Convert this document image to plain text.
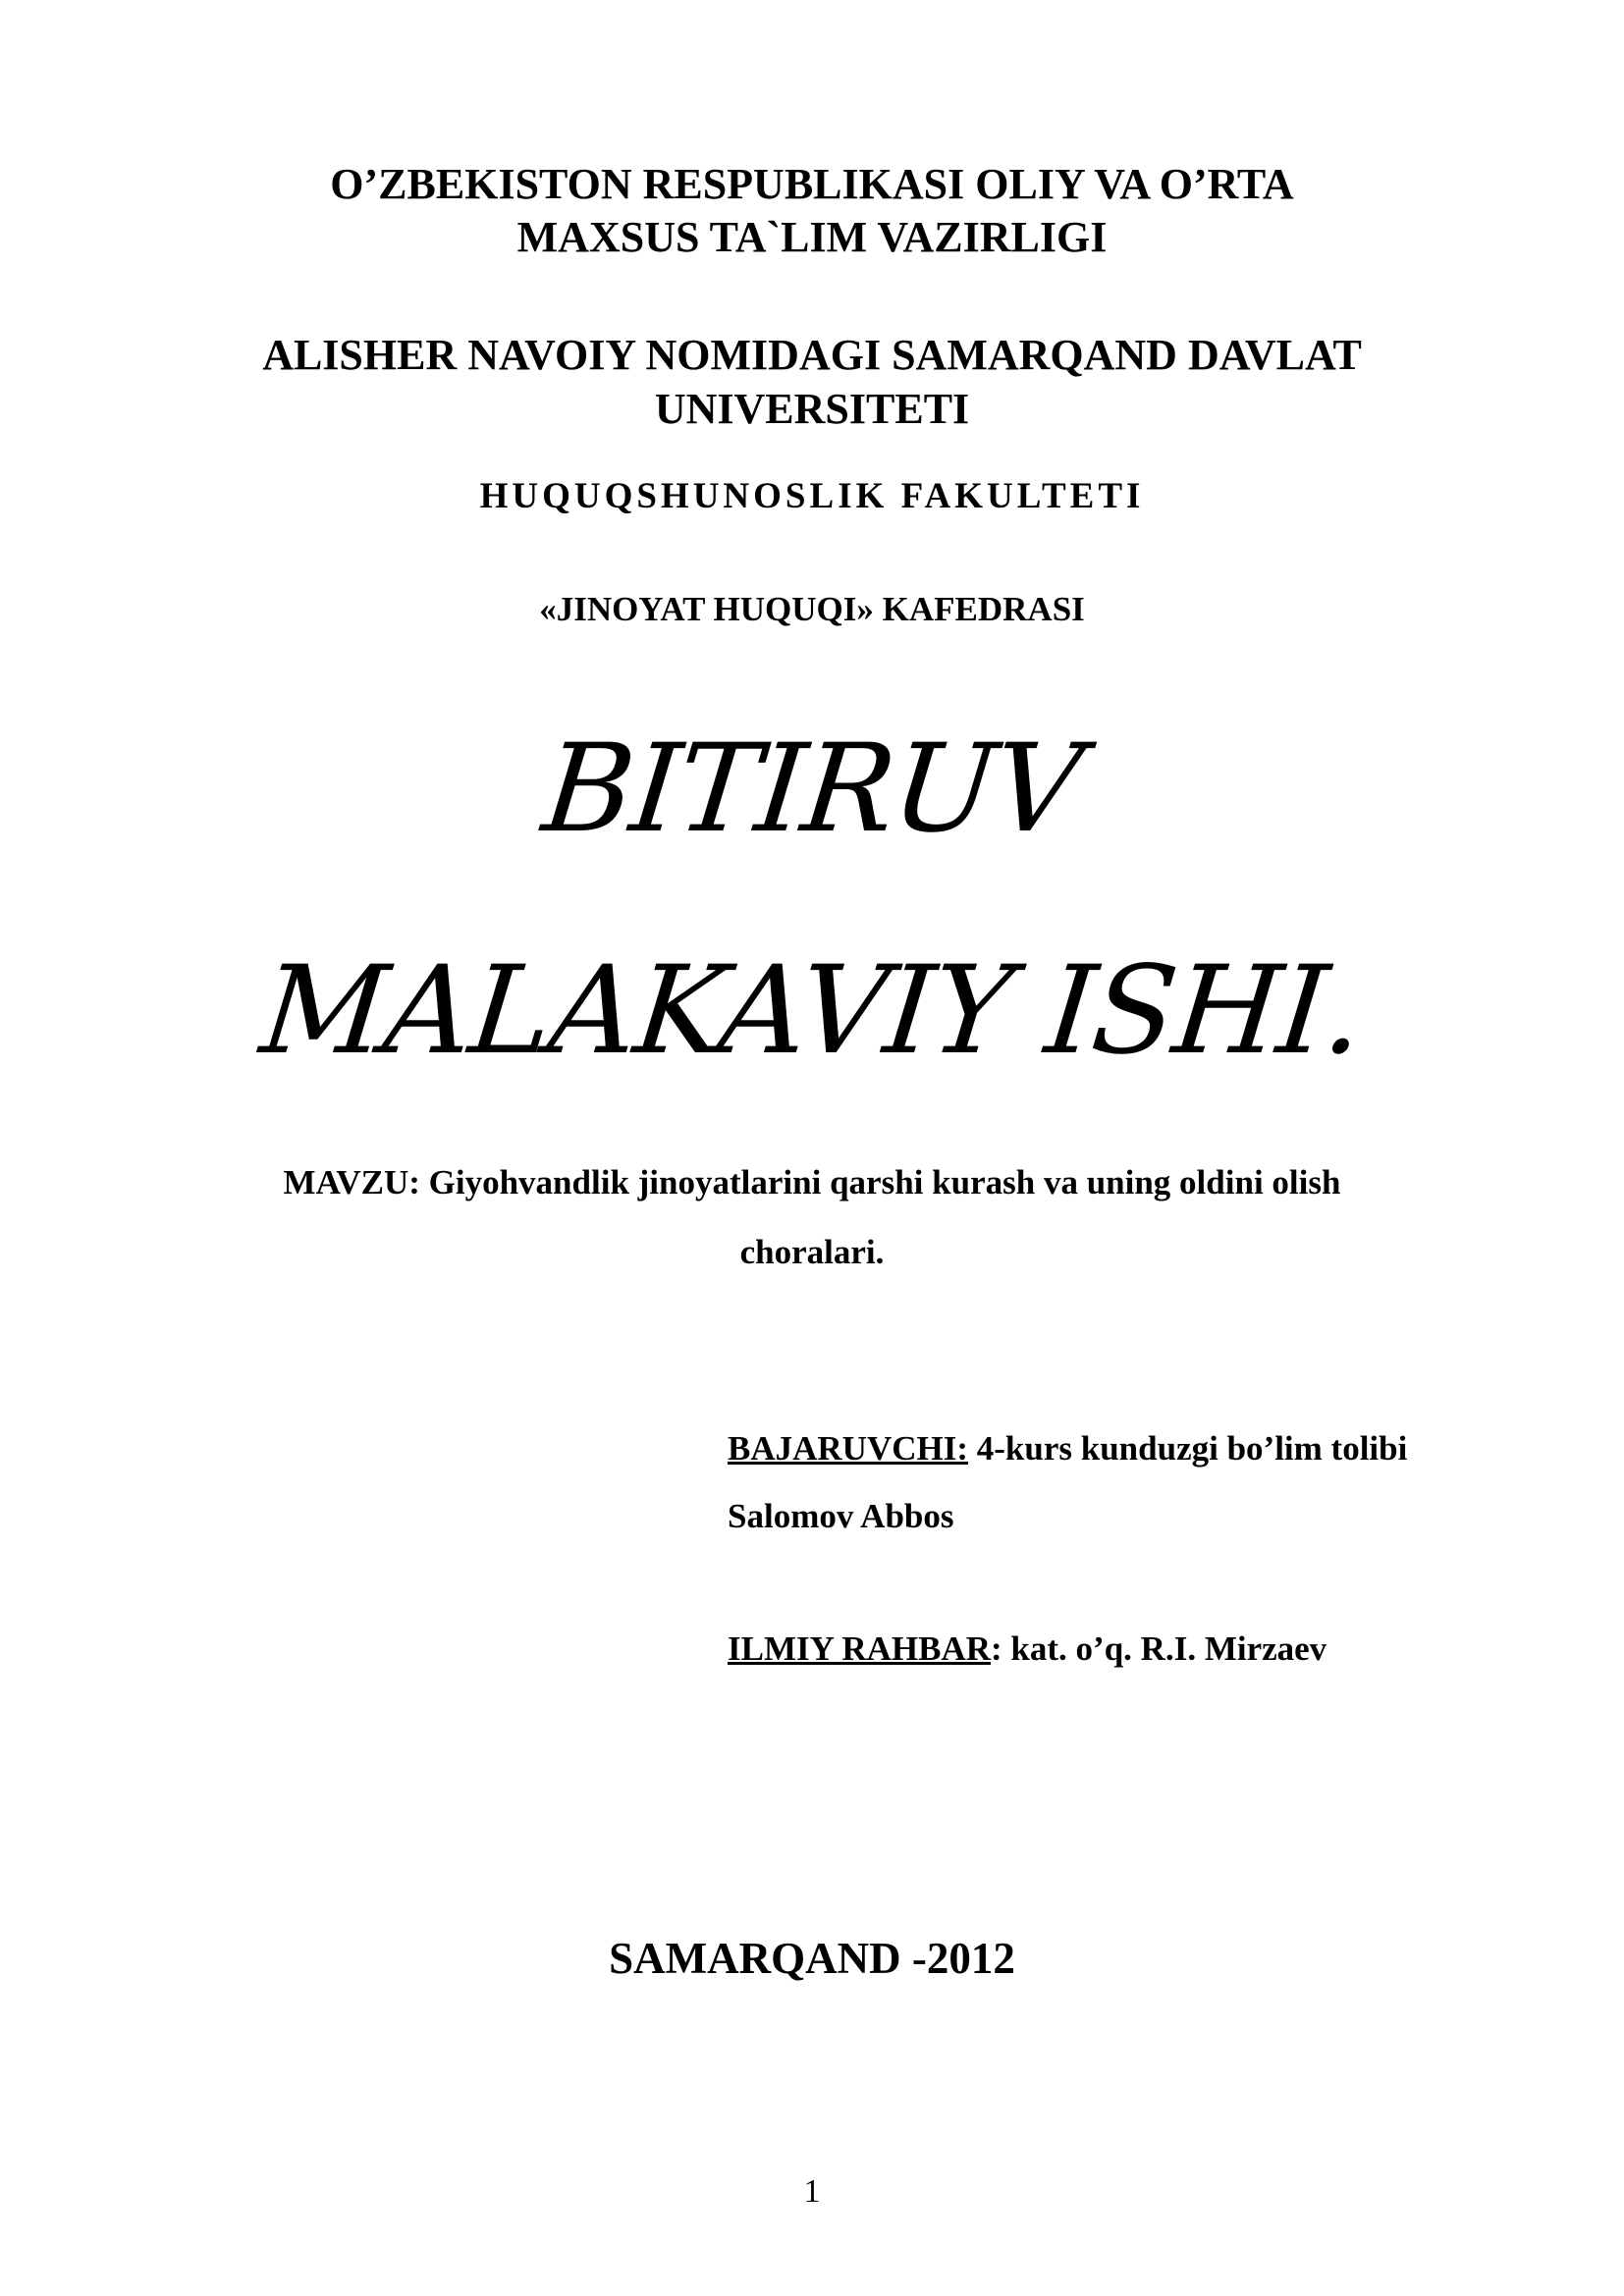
O’ZBEKISTON RESPUBLIKASI OLIY VA O’RTA
MAXSUS TA`LIM VAZIRLIGI
ALISHER NAVOIY NOMIDAGI SAMARQAND DAVLAT
UNIVERSITETI
HUQUQSHUNOSLIK FAKULTETI
«JINOYAT HUQUQI» KAFEDRASI
BITIRUV
MALAKAVIY ISHI.
MAVZU: Giyohvandlik jinoyatlarini qarshi kurash va uning oldini olish
choralari.
BAJARUVCHI: 4-kurs kunduzgi bo’lim tolibi
Salomov Abbos
ILMIY RAHBAR: kat. o’q. R.I. Mirzaev
SAMARQAND -2012
1
